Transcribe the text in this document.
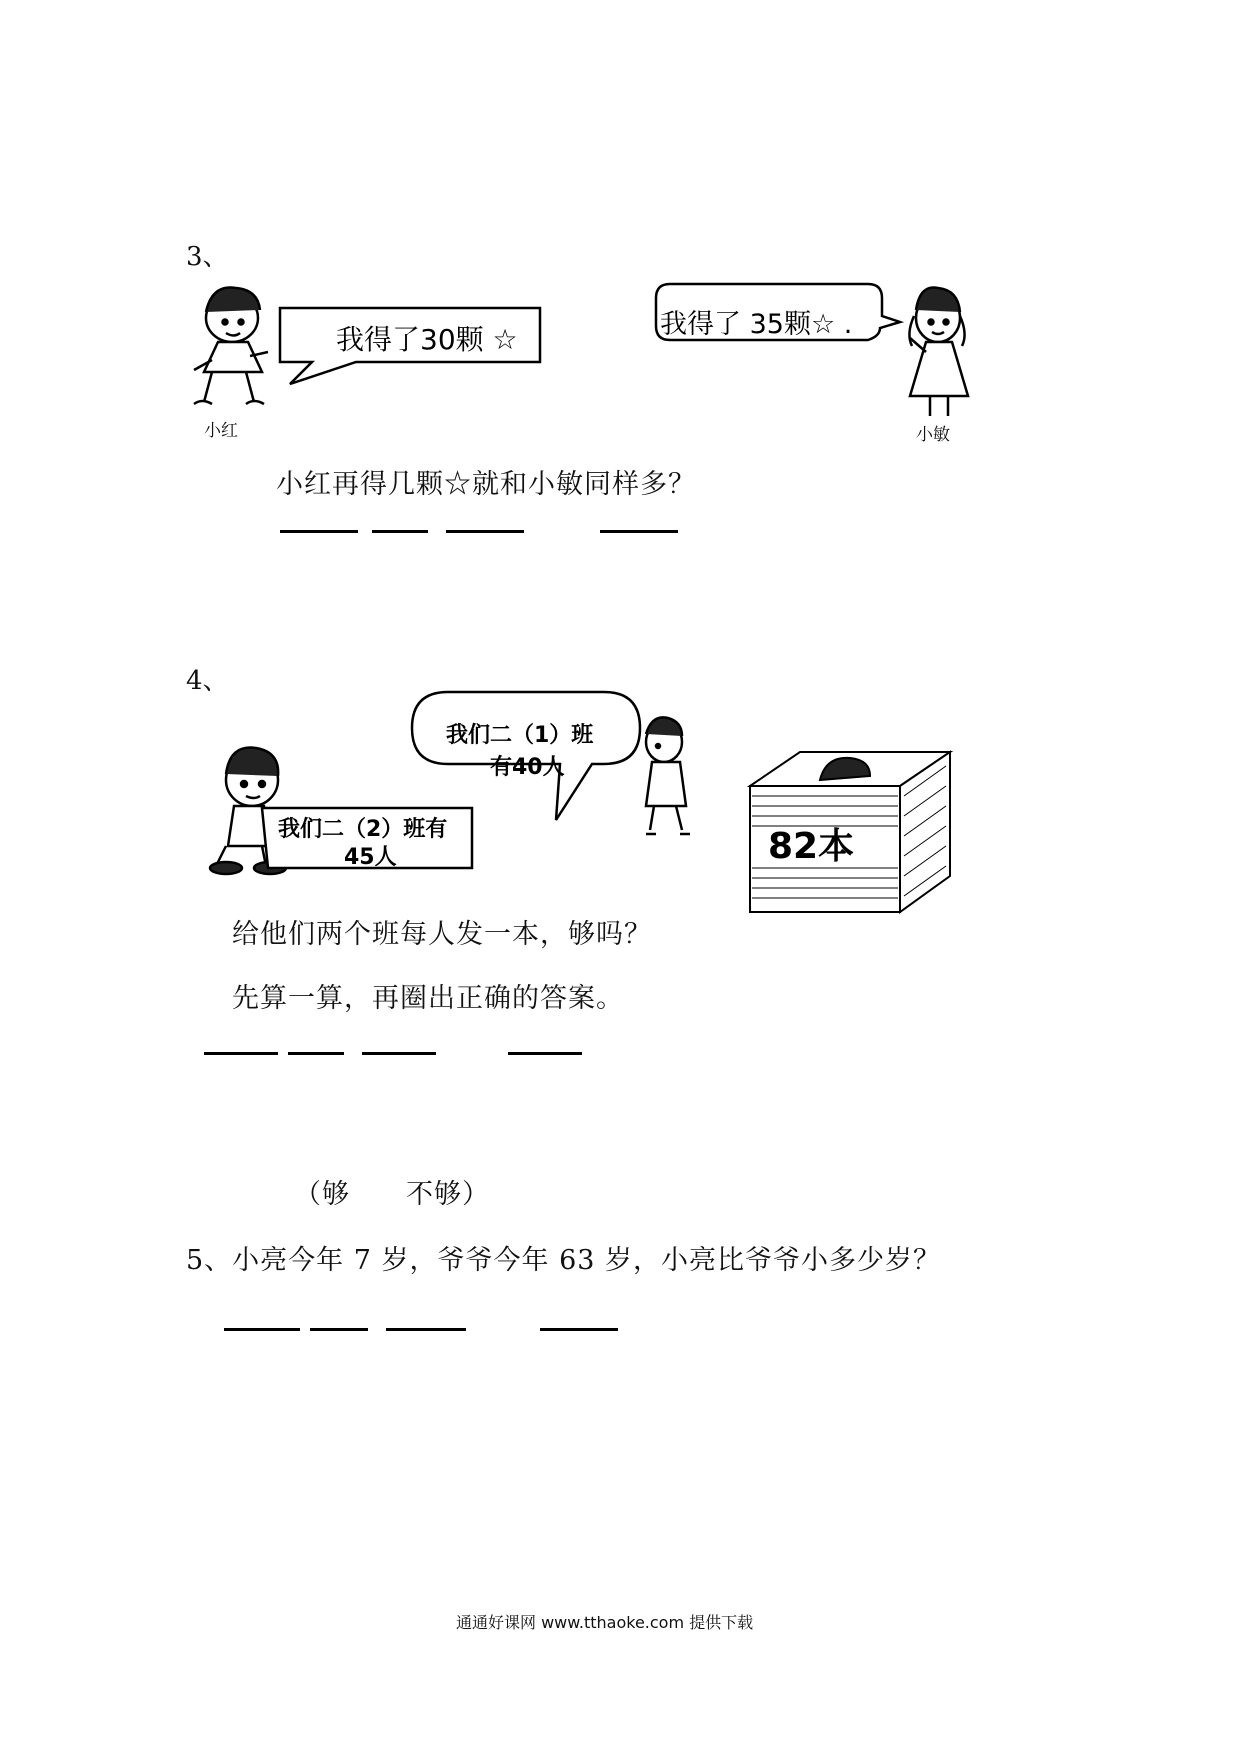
3、
我得了30颗 ☆
小红
我得了 35颗☆ .
小敏
小红再得几颗☆就和小敏同样多？
4、
我们二（1）班
有40人
我们二（2）班有
45人	82本
给他们两个班每人发一本，够吗？
先算一算，再圈出正确的答案。
（够　　不够）
5、小亮今年 7 岁，爷爷今年 63 岁，小亮比爷爷小多少岁？
通通好课网 www.tthaoke.com 提供下载
